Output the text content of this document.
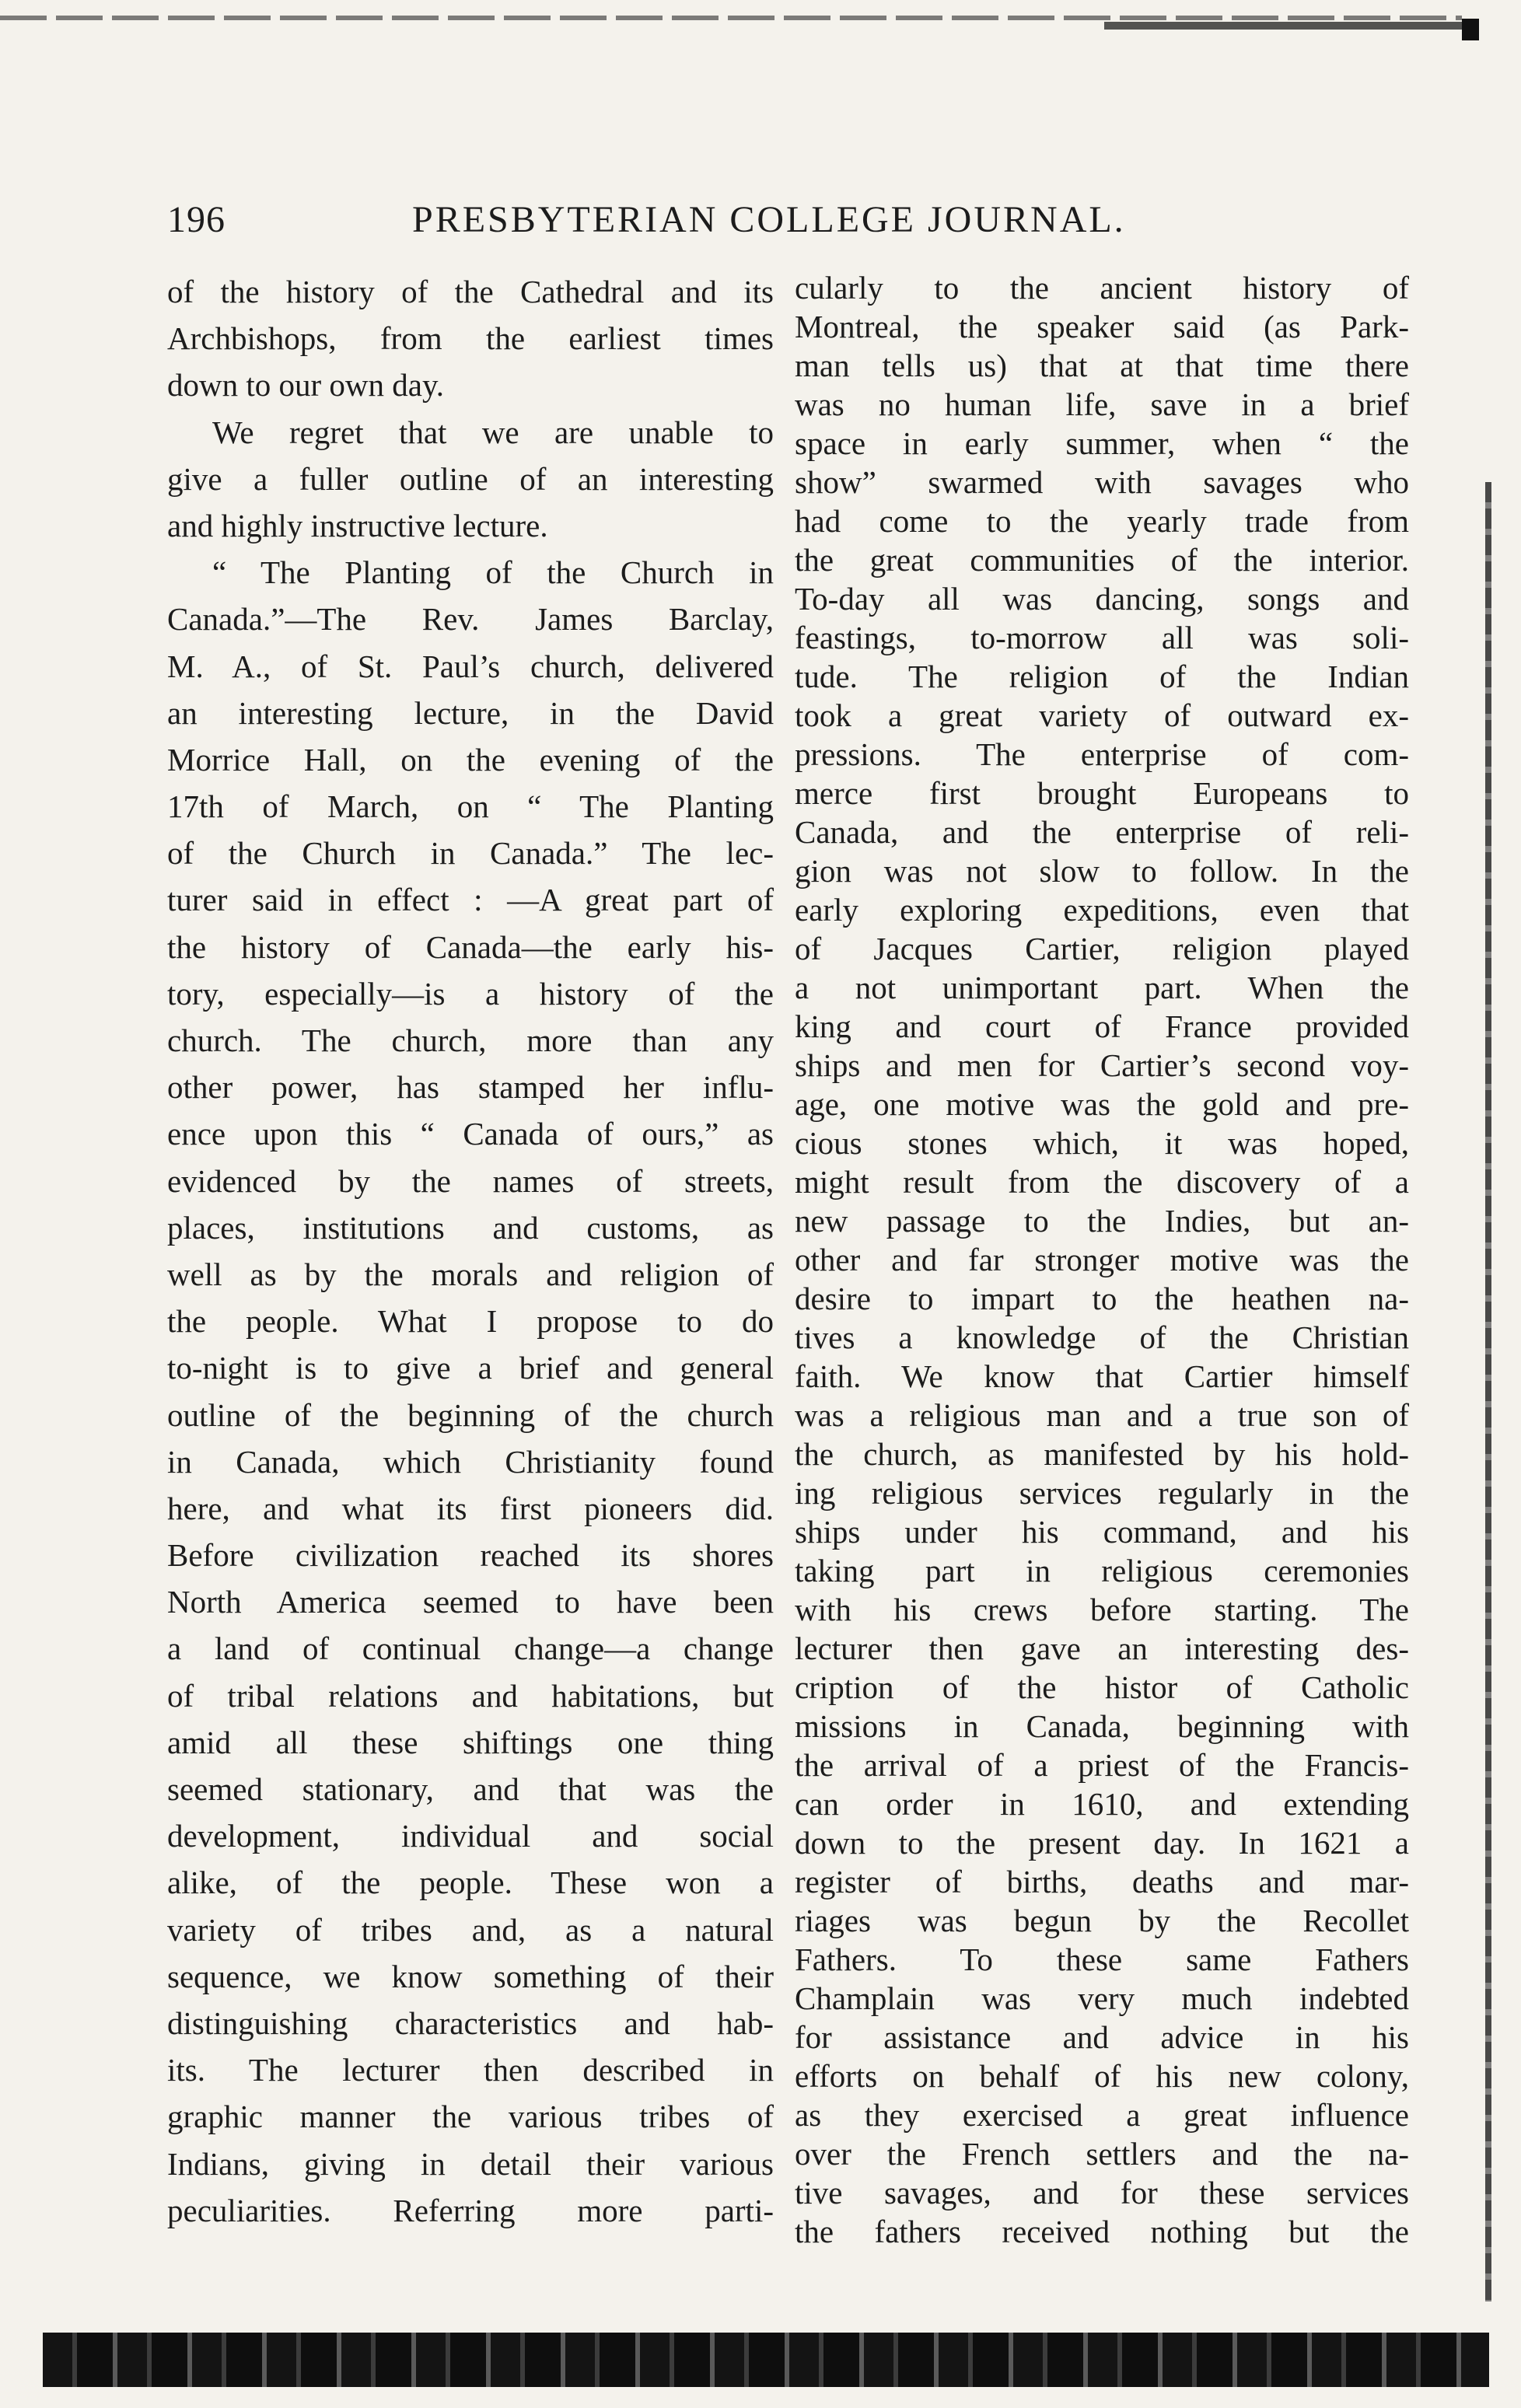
196	PRESBYTERIAN COLLEGE JOURNAL.
of the history of the Cathedral and its
Archbishops, from the earliest times
down to our own day.
We regret that we are unable to
give a fuller outline of an interesting
and highly instructive lecture.
“ The Planting of the Church in
Canada.”—The Rev. James Barclay,
M. A., of St. Paul’s church, delivered
an interesting lecture, in the David
Morrice Hall, on the evening of the
17th of March, on “ The Planting
of the Church in Canada.” The lec-
turer said in effect : —A great part of
the history of Canada—the early his-
tory, especially—is a history of the
church. The church, more than any
other power, has stamped her influ-
ence upon this “ Canada of ours,” as
evidenced by the names of streets,
places, institutions and customs, as
well as by the morals and religion of
the people. What I propose to do
to-night is to give a brief and general
outline of the beginning of the church
in Canada, which Christianity found
here, and what its first pioneers did.
Before civilization reached its shores
North America seemed to have been
a land of continual change—a change
of tribal relations and habitations, but
amid all these shiftings one thing
seemed stationary, and that was the
development, individual and social
alike, of the people. These won a
variety of tribes and, as a natural
sequence, we know something of their
distinguishing characteristics and hab-
its. The lecturer then described in
graphic manner the various tribes of
Indians, giving in detail their various
peculiarities. Referring more parti-
cularly to the ancient history of
Montreal, the speaker said (as Park-
man tells us) that at that time there
was no human life, save in a brief
space in early summer, when “ the
show” swarmed with savages who
had come to the yearly trade from
the great communities of the interior.
To-day all was dancing, songs and
feastings, to-morrow all was soli-
tude. The religion of the Indian
took a great variety of outward ex-
pressions. The enterprise of com-
merce first brought Europeans to
Canada, and the enterprise of reli-
gion was not slow to follow. In the
early exploring expeditions, even that
of Jacques Cartier, religion played
a not unimportant part. When the
king and court of France provided
ships and men for Cartier’s second voy-
age, one motive was the gold and pre-
cious stones which, it was hoped,
might result from the discovery of a
new passage to the Indies, but an-
other and far stronger motive was the
desire to impart to the heathen na-
tives a knowledge of the Christian
faith. We know that Cartier himself
was a religious man and a true son of
the church, as manifested by his hold-
ing religious services regularly in the
ships under his command, and his
taking part in religious ceremonies
with his crews before starting. The
lecturer then gave an interesting des-
cription of the histor of Catholic
missions in Canada, beginning with
the arrival of a priest of the Francis-
can order in 1610, and extending
down to the present day. In 1621 a
register of births, deaths and mar-
riages was begun by the Recollet
Fathers. To these same Fathers
Champlain was very much indebted
for assistance and advice in his
efforts on behalf of his new colony,
as they exercised a great influence
over the French settlers and the na-
tive savages, and for these services
the fathers received nothing but the
